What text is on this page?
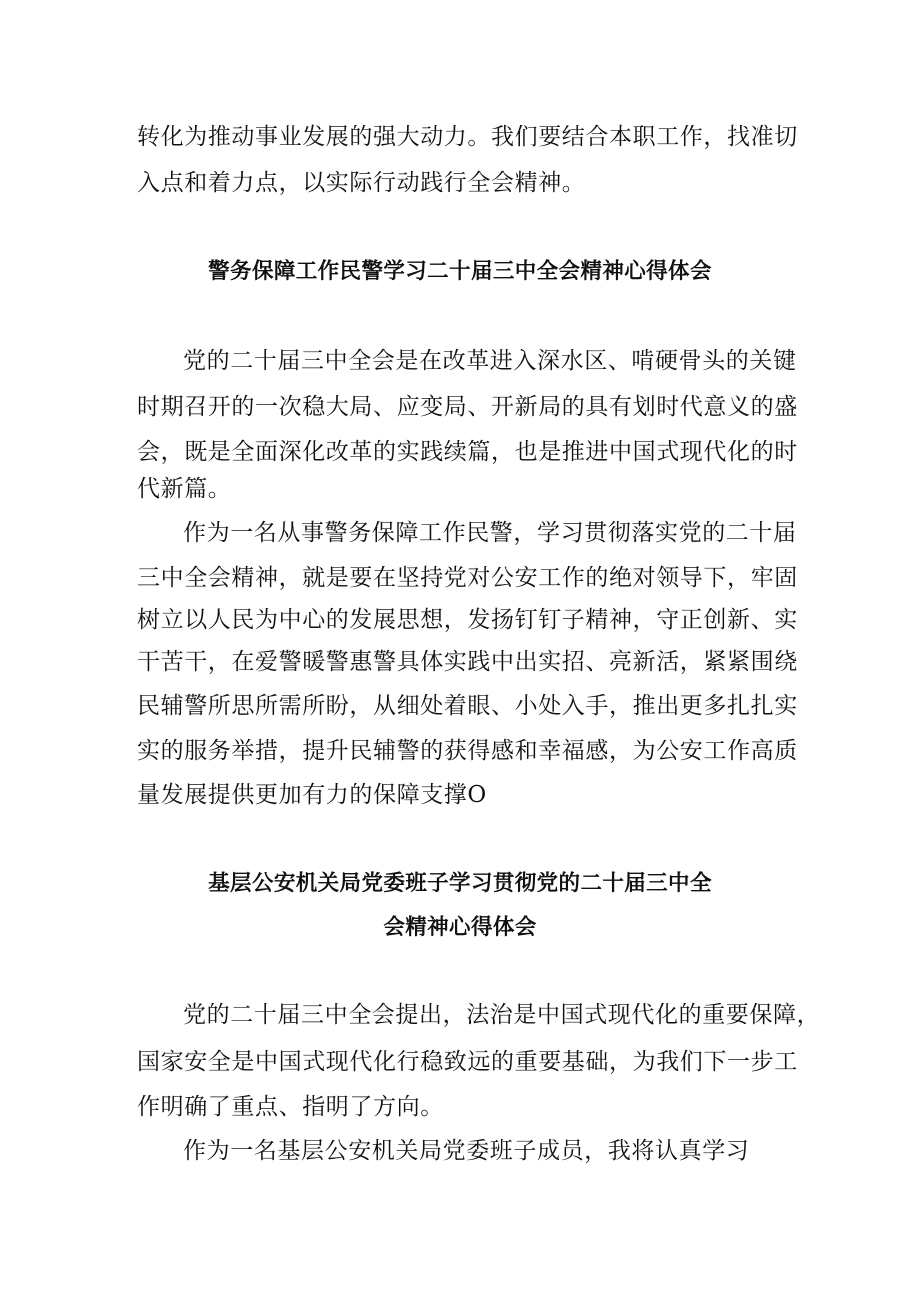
转化为推动事业发展的强大动力。我们要结合本职工作，找准切
入点和着力点，以实际行动践行全会精神。
警务保障工作民警学习二十届三中全会精神心得体会
党的二十届三中全会是在改革进入深水区、啃硬骨头的关键
时期召开的一次稳大局、应变局、开新局的具有划时代意义的盛
会，既是全面深化改革的实践续篇，也是推进中国式现代化的时
代新篇。
作为一名从事警务保障工作民警，学习贯彻落实党的二十届
三中全会精神，就是要在坚持党对公安工作的绝对领导下，牢固
树立以人民为中心的发展思想，发扬钉钉子精神，守正创新、实
干苦干，在爱警暖警惠警具体实践中出实招、亮新活，紧紧围绕
民辅警所思所需所盼，从细处着眼、小处入手，推出更多扎扎实
实的服务举措，提升民辅警的获得感和幸福感，为公安工作高质
量发展提供更加有力的保障支撑O
基层公安机关局党委班子学习贯彻党的二十届三中全
会精神心得体会
党的二十届三中全会提出，法治是中国式现代化的重要保障，
国家安全是中国式现代化行稳致远的重要基础，为我们下一步工
作明确了重点、指明了方向。
作为一名基层公安机关局党委班子成员，我将认真学习
